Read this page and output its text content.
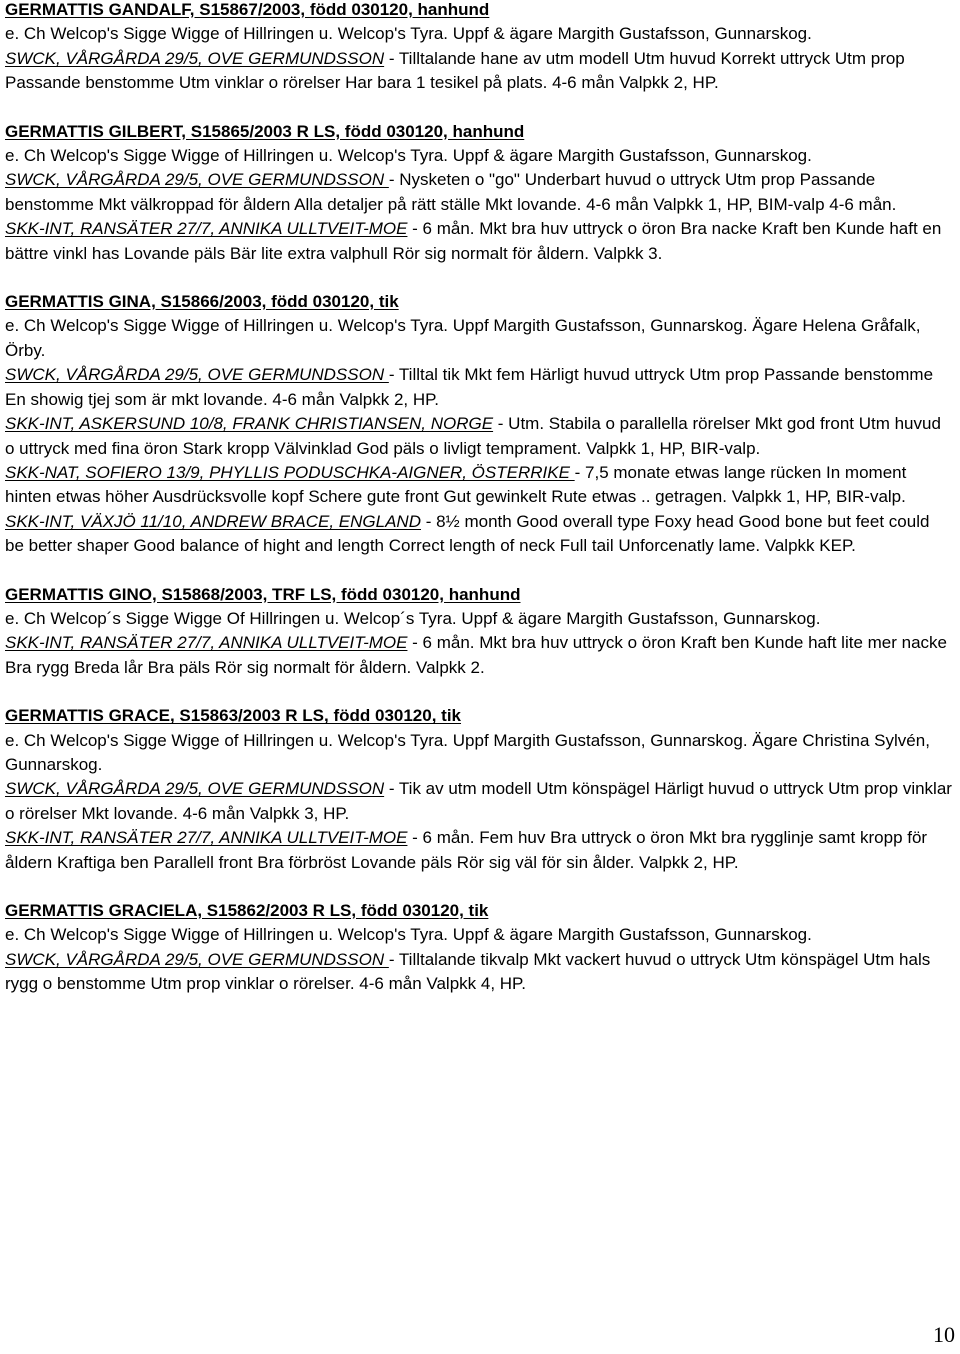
GERMATTIS GANDALF, S15867/2003, född 030120, hanhund

e. Ch Welcop's Sigge Wigge of Hillringen u. Welcop's Tyra. Uppf & ägare Margith Gustafsson, Gunnarskog.

SWCK, VÅRGÅRDA 29/5, OVE GERMUNDSSON - Tilltalande hane av utm modell Utm huvud Korrekt uttryck Utm prop Passande benstomme Utm vinklar o rörelser Har bara 1 tesikel på plats. 4-6 mån Valpkk 2, HP.

GERMATTIS GILBERT, S15865/2003 R LS, född 030120, hanhund

e. Ch Welcop's Sigge Wigge of Hillringen u. Welcop's Tyra. Uppf & ägare Margith Gustafsson, Gunnarskog.

SWCK, VÅRGÅRDA 29/5, OVE GERMUNDSSON - Nysketen o "go" Underbart huvud o uttryck Utm prop Passande benstomme Mkt välkroppad för åldern Alla detaljer på rätt ställe Mkt lovande. 4-6 mån Valpkk 1, HP, BIM-valp 4-6 mån.

SKK-INT, RANSÄTER 27/7, ANNIKA ULLTVEIT-MOE - 6 mån. Mkt bra huv uttryck o öron Bra nacke Kraft ben Kunde haft en bättre vinkl has Lovande päls Bär lite extra valphull Rör sig normalt för åldern. Valpkk 3.

GERMATTIS GINA, S15866/2003, född 030120, tik

e. Ch Welcop's Sigge Wigge of Hillringen u. Welcop's Tyra. Uppf Margith Gustafsson, Gunnarskog. Ägare Helena Gråfalk, Örby.

SWCK, VÅRGÅRDA 29/5, OVE GERMUNDSSON - Tilltal tik Mkt fem Härligt huvud uttryck Utm prop Passande benstomme En showig tjej som är mkt lovande. 4-6 mån Valpkk 2, HP.

SKK-INT, ASKERSUND 10/8, FRANK CHRISTIANSEN, NORGE - Utm. Stabila o parallella rörelser Mkt god front Utm huvud o uttryck med fina öron Stark kropp Välvinklad God päls o livligt temprament. Valpkk 1, HP, BIR-valp.

SKK-NAT, SOFIERO 13/9, PHYLLIS PODUSCHKA-AIGNER, ÖSTERRIKE - 7,5 monate etwas lange rücken In moment hinten etwas höher Ausdrücksvolle kopf Schere gute front Gut gewinkelt Rute etwas .. getragen. Valpkk 1, HP, BIR-valp.

SKK-INT, VÄXJÖ 11/10, ANDREW BRACE, ENGLAND - 8½ month Good overall type Foxy head Good bone but feet could be better shaper Good balance of hight and length Correct length of neck Full tail Unforcenatly lame. Valpkk KEP.

GERMATTIS GINO, S15868/2003, TRF LS, född 030120, hanhund

e. Ch Welcop´s Sigge Wigge Of Hillringen u. Welcop´s Tyra. Uppf & ägare Margith Gustafsson, Gunnarskog.

SKK-INT, RANSÄTER 27/7, ANNIKA ULLTVEIT-MOE - 6 mån. Mkt bra huv uttryck o öron Kraft ben Kunde haft lite mer nacke Bra rygg Breda lår Bra päls Rör sig normalt för åldern. Valpkk 2.

GERMATTIS GRACE, S15863/2003 R LS, född 030120, tik

e. Ch Welcop's Sigge Wigge of Hillringen u. Welcop's Tyra. Uppf Margith Gustafsson, Gunnarskog. Ägare Christina Sylvén, Gunnarskog.

SWCK, VÅRGÅRDA 29/5, OVE GERMUNDSSON - Tik av utm modell Utm könspägel Härligt huvud o uttryck Utm prop vinklar o rörelser Mkt lovande. 4-6 mån Valpkk 3, HP.

SKK-INT, RANSÄTER 27/7, ANNIKA ULLTVEIT-MOE - 6 mån. Fem huv Bra uttryck o öron Mkt bra rygglinje samt kropp för åldern Kraftiga ben Parallell front Bra förbröst Lovande päls Rör sig väl för sin ålder. Valpkk 2, HP.

GERMATTIS GRACIELA, S15862/2003 R LS, född 030120, tik

e. Ch Welcop's Sigge Wigge of Hillringen u. Welcop's Tyra. Uppf & ägare Margith Gustafsson, Gunnarskog.

SWCK, VÅRGÅRDA 29/5, OVE GERMUNDSSON - Tilltalande tikvalp Mkt vackert huvud o uttryck Utm könspägel Utm hals rygg o benstomme Utm prop vinklar o rörelser. 4-6 mån Valpkk 4, HP.

10
